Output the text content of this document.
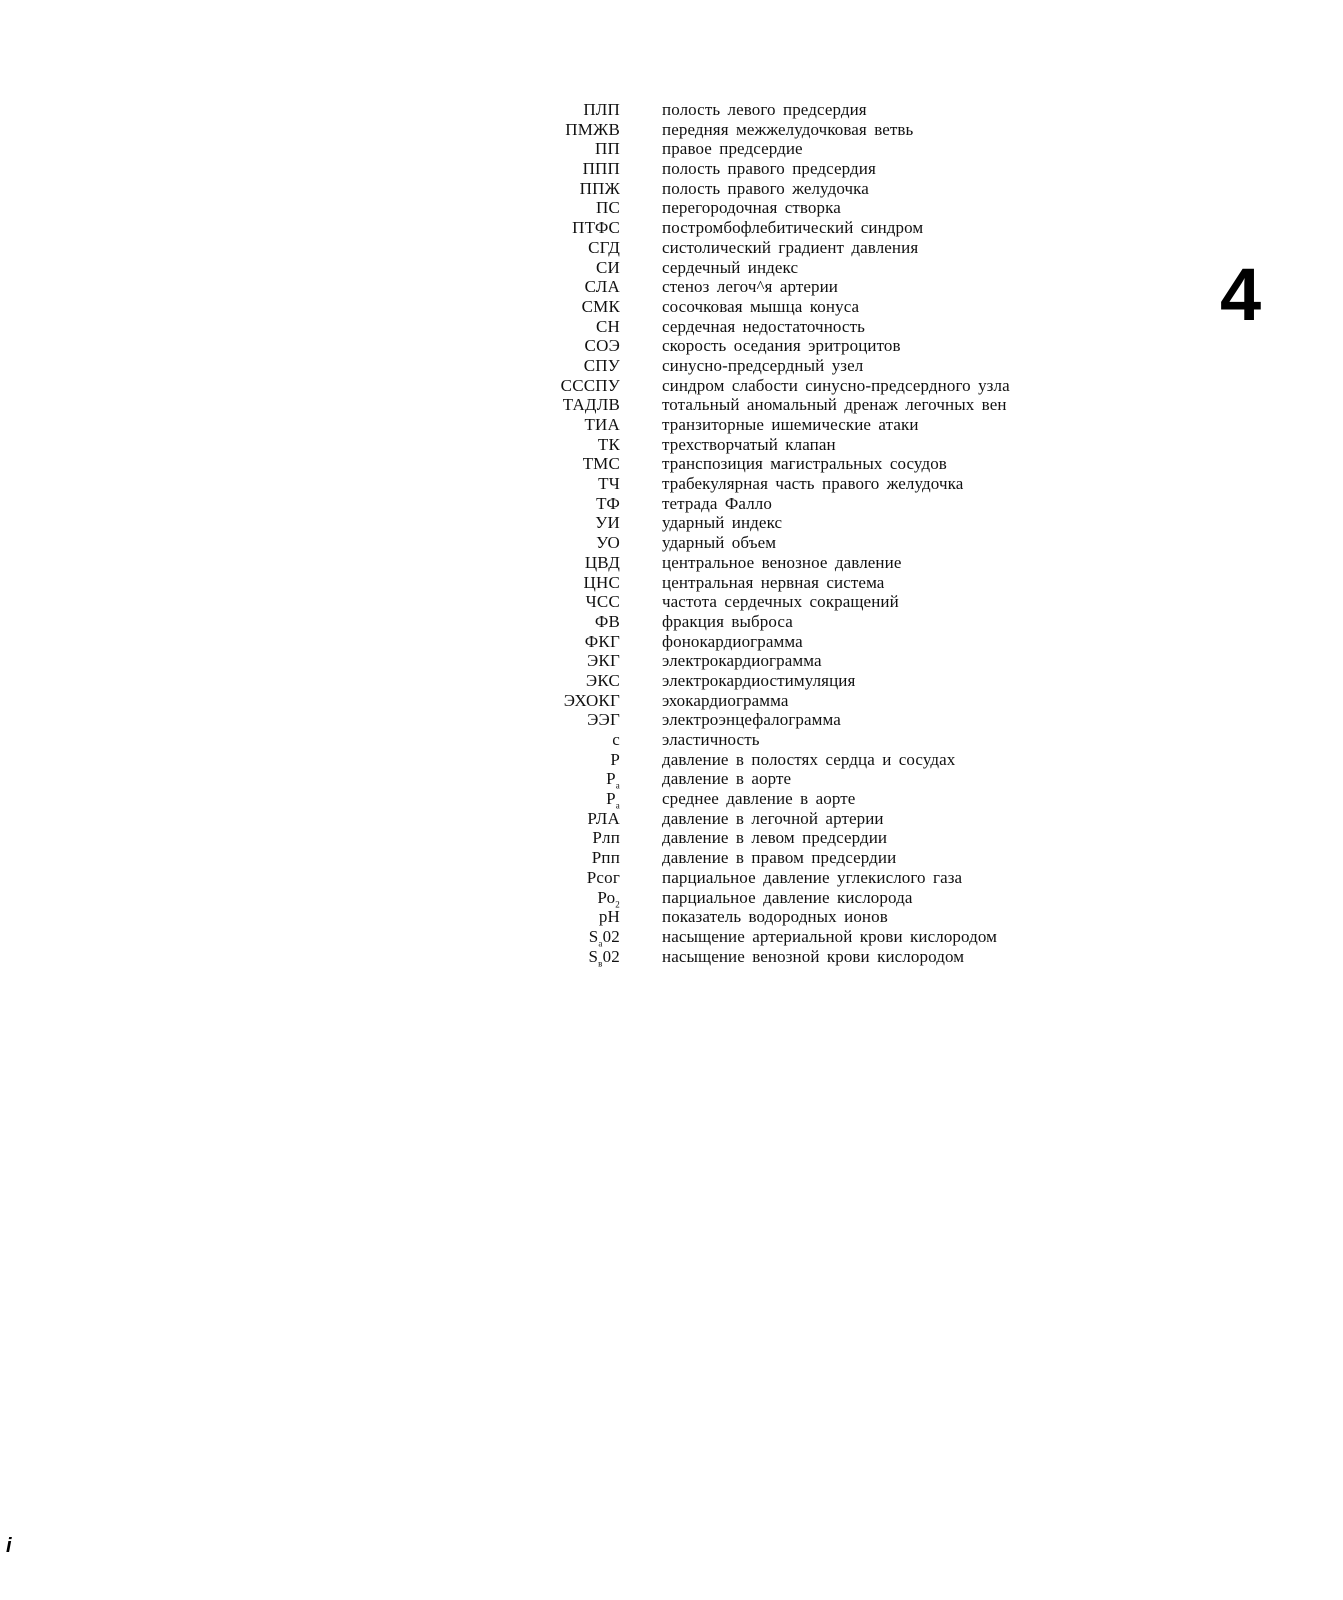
ПЛП полость левого предсердия
ПМЖВ передняя межжелудочковая ветвь
ПП правое предсердие
ППП полость правого предсердия
ППЖ полость правого желудочка
ПС перегородочная створка
ПТФС постромбофлебитический синдром
СГД систолический градиент давления
СИ сердечный индекс
СЛА стеноз легоч^я артерии
СМК сосочковая мышца конуса
СН сердечная недостаточность
СОЭ скорость оседания эритроцитов
СПУ синусно-предсердный узел
СССПУ синдром слабости синусно-предсердного узла
ТАДЛВ тотальный аномальный дренаж легочных вен
ТИА транзиторные ишемические атаки
ТК трехстворчатый клапан
ТМС транспозиция магистральных сосудов
ТЧ трабекулярная часть правого желудочка
ТФ тетрада Фалло
УИ ударный индекс
УО ударный объем
ЦВД центральное венозное давление
ЦНС центральная нервная система
ЧСС частота сердечных сокращений
ФВ фракция выброса
ФКГ фонокардиограмма
ЭКГ электрокардиограмма
ЭКС электрокардиостимуляция
ЭХОКГ эхокардиограмма
ЭЭГ электроэнцефалограмма
с эластичность
Р давление в полостях сердца и сосудах
$Р_а$ давление в аорте
$Р_а$ среднее давление в аорте
РЛА давление в легочной артерии
Рлп давление в левом предсердии
Рпп давление в правом предсердии
Рсог парциальное давление углекислого газа
$Ро_2$ парциальное давление кислорода
рН показатель водородных ионов
$S_а02$ насыщение артериальной крови кислородом
$S_в02$ насыщение венозной крови кислородом
4
i
